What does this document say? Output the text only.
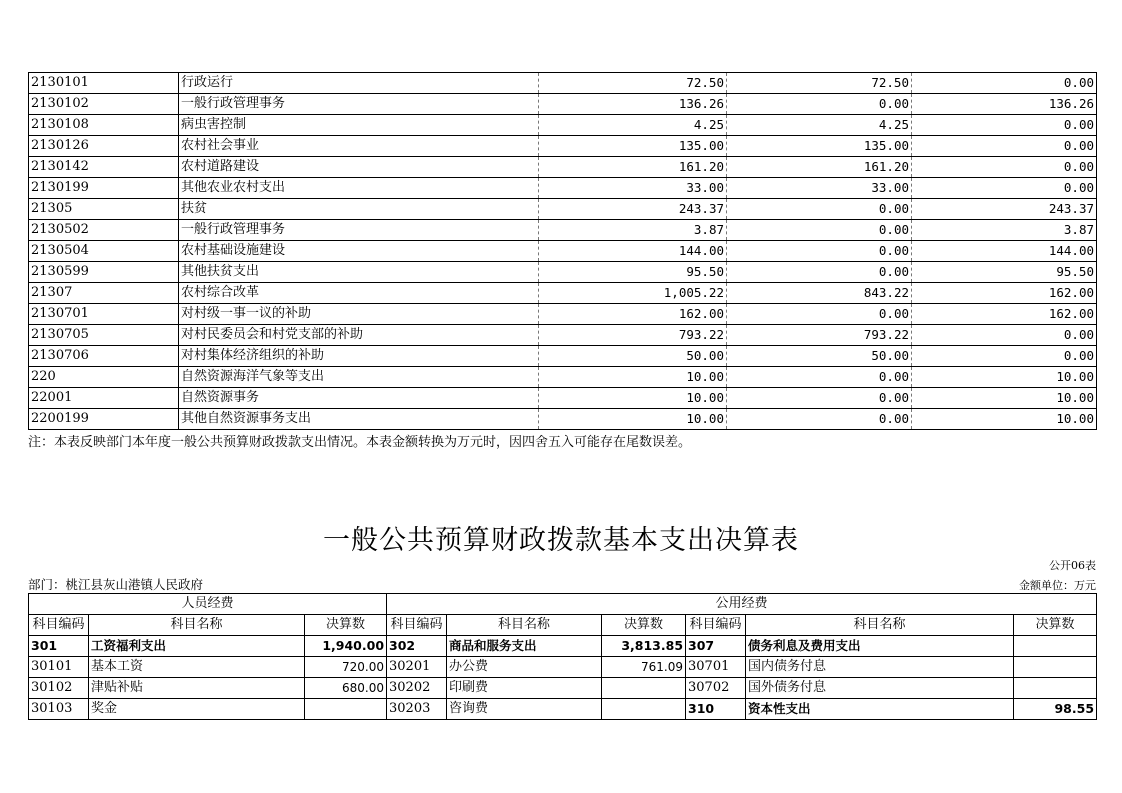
2130101	行政运行	72.50	72.50	0.00
2130102	一般行政管理事务	136.26	0.00	136.26
2130108	病虫害控制	4.25	4.25	0.00
2130126	农村社会事业	135.00	135.00	0.00
2130142	农村道路建设	161.20	161.20	0.00
2130199	其他农业农村支出	33.00	33.00	0.00
21305	扶贫	243.37	0.00	243.37
2130502	一般行政管理事务	3.87	0.00	3.87
2130504	农村基础设施建设	144.00	0.00	144.00
2130599	其他扶贫支出	95.50	0.00	95.50
21307	农村综合改革	1,005.22	843.22	162.00
2130701	对村级一事一议的补助	162.00	0.00	162.00
2130705	对村民委员会和村党支部的补助	793.22	793.22	0.00
2130706	对村集体经济组织的补助	50.00	50.00	0.00
220	自然资源海洋气象等支出	10.00	0.00	10.00
22001	自然资源事务	10.00	0.00	10.00
2200199	其他自然资源事务支出	10.00	0.00	10.00
注：本表反映部门本年度一般公共预算财政拨款支出情况。本表金额转换为万元时，因四舍五入可能存在尾数误差。
一般公共预算财政拨款基本支出决算表
公开06表
部门：桃江县灰山港镇人民政府	金额单位：万元
人员经费			公用经费					
科目编码	科目名称	决算数	科目编码	科目名称	决算数	科目编码	科目名称	决算数
301	工资福利支出	1,940.00	302	商品和服务支出	3,813.85	307	债务利息及费用支出	
30101	基本工资	720.00	30201	办公费	761.09	30701	国内债务付息	
30102	津贴补贴	680.00	30202	印刷费		30702	国外债务付息	
30103	奖金		30203	咨询费		310	资本性支出	98.55
